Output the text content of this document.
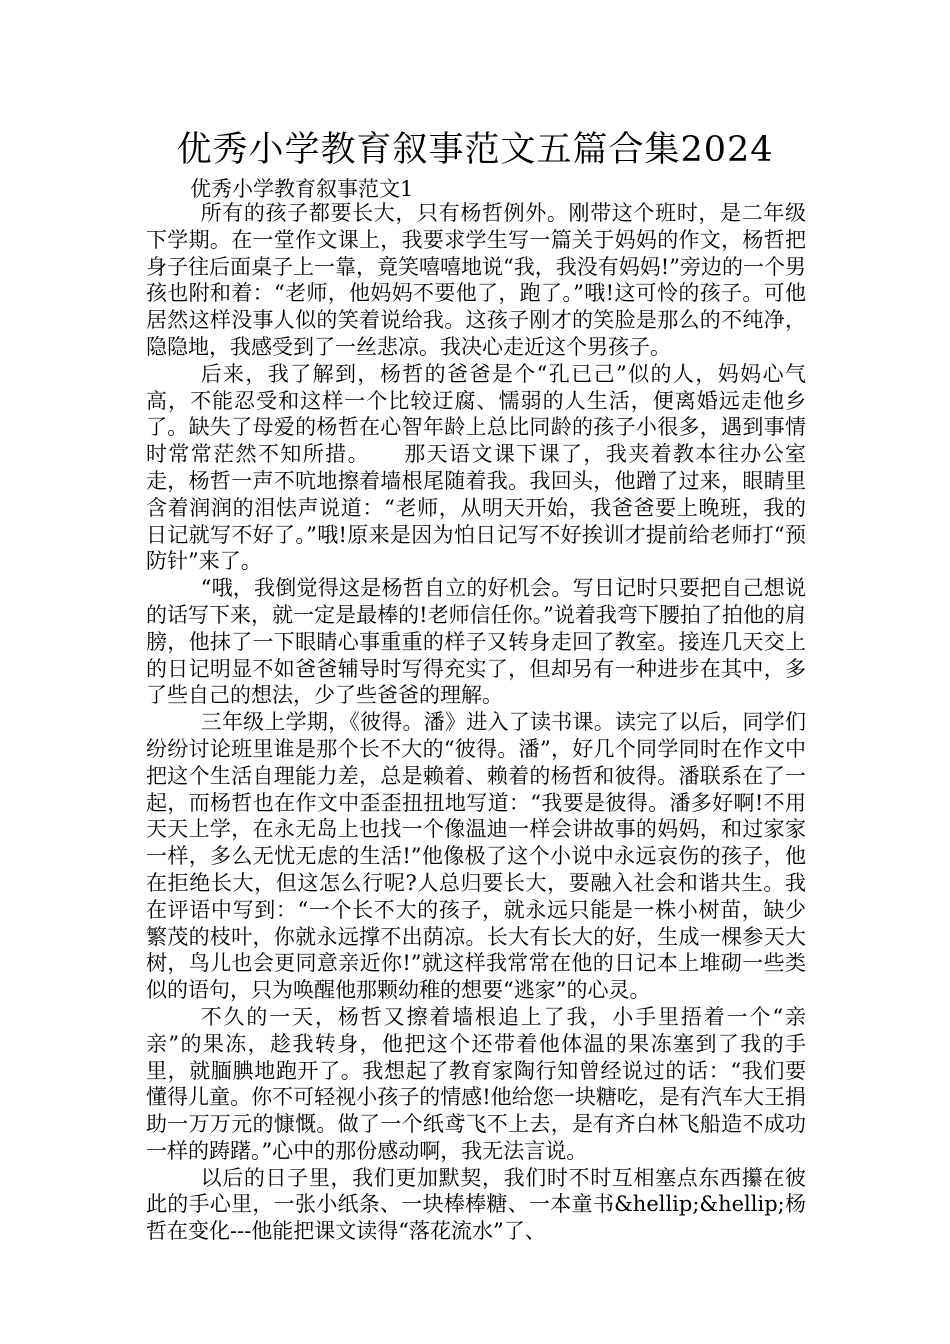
优秀小学教育叙事范文五篇合集2024
优秀小学教育叙事范文1

所有的孩子都要长大，只有杨哲例外。刚带这个班时，是二年级下学期。在一堂作文课上，我要求学生写一篇关于妈妈的作文，杨哲把身子往后面桌子上一靠，竟笑嘻嘻地说“我，我没有妈妈!”旁边的一个男孩也附和着：“老师，他妈妈不要他了，跑了。”哦!这可怜的孩子。可他居然这样没事人似的笑着说给我。这孩子刚才的笑脸是那么的不纯净，隐隐地，我感受到了一丝悲凉。我决心走近这个男孩子。

后来，我了解到，杨哲的爸爸是个“孔已己”似的人，妈妈心气高，不能忍受和这样一个比较迂腐、懦弱的人生活，便离婚远走他乡了。缺失了母爱的杨哲在心智年龄上总比同龄的孩子小很多，遇到事情时常常茫然不知所措。　　那天语文课下课了，我夹着教本往办公室走，杨哲一声不吭地擦着墙根尾随着我。我回头，他蹭了过来，眼睛里含着润润的泪怯声说道：“老师，从明天开始，我爸爸要上晚班，我的日记就写不好了。”哦!原来是因为怕日记写不好挨训才提前给老师打“预防针”来了。

“哦，我倒觉得这是杨哲自立的好机会。写日记时只要把自己想说的话写下来，就一定是最棒的!老师信任你。”说着我弯下腰拍了拍他的肩膀，他抹了一下眼睛心事重重的样子又转身走回了教室。接连几天交上的日记明显不如爸爸辅导时写得充实了，但却另有一种进步在其中，多了些自己的想法，少了些爸爸的理解。

三年级上学期，《彼得。潘》进入了读书课。读完了以后，同学们纷纷讨论班里谁是那个长不大的“彼得。潘”，好几个同学同时在作文中把这个生活自理能力差，总是赖着、赖着的杨哲和彼得。潘联系在了一起，而杨哲也在作文中歪歪扭扭地写道：“我要是彼得。潘多好啊!不用天天上学，在永无岛上也找一个像温迪一样会讲故事的妈妈，和过家家一样，多么无忧无虑的生活!”他像极了这个小说中永远哀伤的孩子，他在拒绝长大，但这怎么行呢?人总归要长大，要融入社会和谐共生。我在评语中写到：“一个长不大的孩子，就永远只能是一株小树苗，缺少繁茂的枝叶，你就永远撑不出荫凉。长大有长大的好，生成一棵参天大树，鸟儿也会更同意亲近你!”就这样我常常在他的日记本上堆砌一些类似的语句，只为唤醒他那颗幼稚的想要“逃家”的心灵。

不久的一天，杨哲又擦着墙根追上了我，小手里捂着一个“亲亲”的果冻，趁我转身，他把这个还带着他体温的果冻塞到了我的手里，就腼腆地跑开了。我想起了教育家陶行知曾经说过的话：“我们要懂得儿童。你不可轻视小孩子的情感!他给您一块糖吃，是有汽车大王捐助一万万元的慷慨。做了一个纸鸢飞不上去，是有齐白林飞船造不成功一样的踌躇。”心中的那份感动啊，我无法言说。

以后的日子里，我们更加默契，我们时不时互相塞点东西攥在彼此的手心里，一张小纸条、一块棒棒糖、一本童书&hellip;&hellip;杨哲在变化---他能把课文读得“落花流水”了、
